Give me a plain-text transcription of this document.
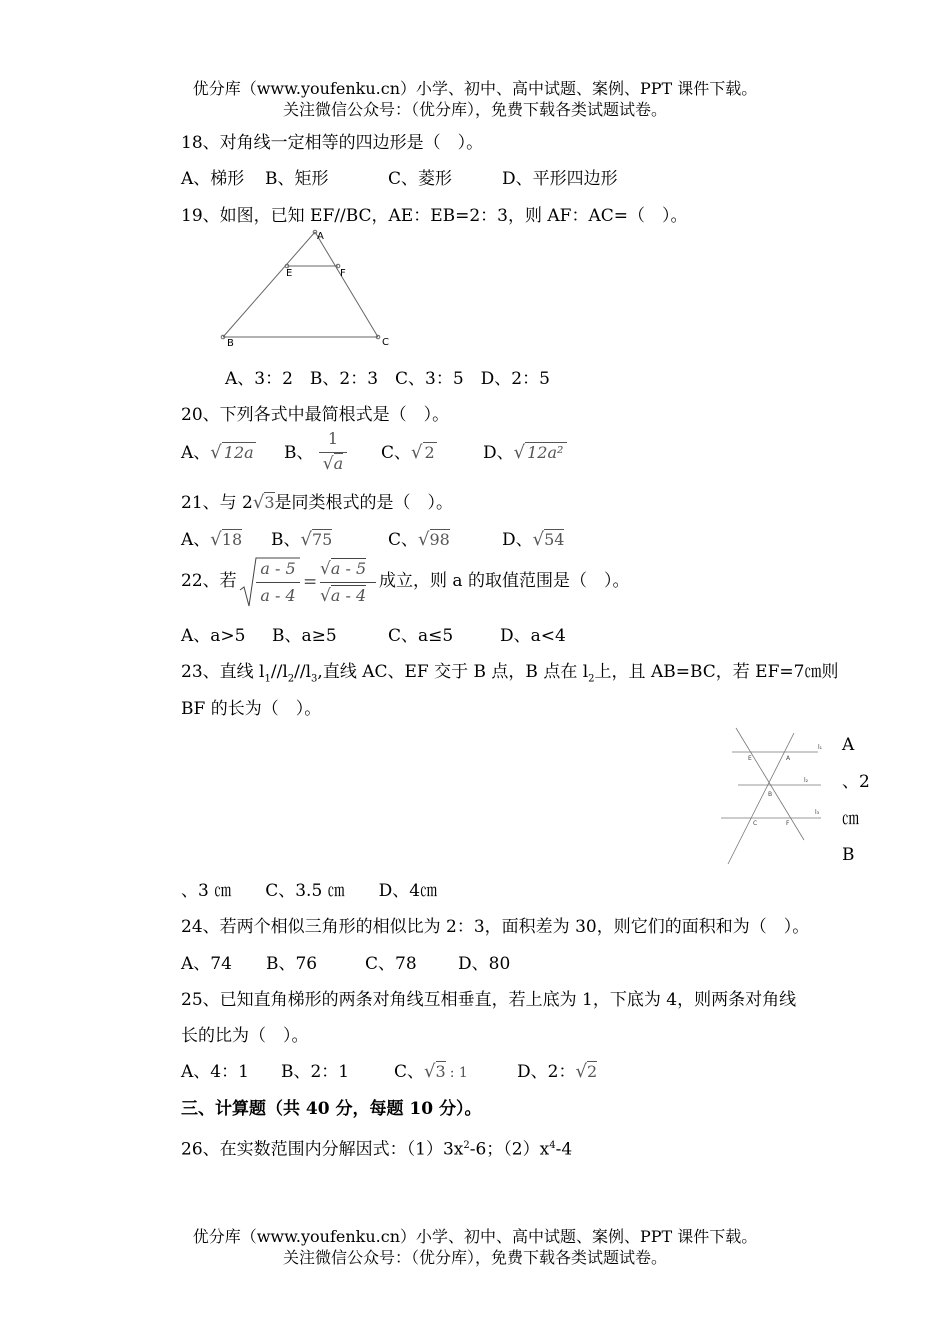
优分库（www.youfenku.cn）小学、初中、高中试题、案例、PPT 课件下载。
关注微信公众号：（优分库），免费下载各类试题试卷。
18、对角线一定相等的四边形是（　）。
A、梯形 B、矩形	C、菱形	D、平形四边形
19、如图，已知 EF//BC，AE：EB=2：3，则 AF：AC=（　）。
A
E	F
B	C
A、3：2　B、2：3　C、3：5　D、2：5
20、下列各式中最简根式是（　）。
A、√ 12a B、
1
√a
C、√ 2	D、√ 12a²
21、与 2√3是同类根式的是（　）。
A、√18 B、√75	C、√98	D、√54
22、若
a - 5
a - 4
=
√a - 5
√a - 4
成立，则 a 的取值范围是（　）。
A、a>5 B、a≥5	C、a≤5	D、a<4
23、直线 $l_1//l_2//l_3$,直线 AC、EF 交于 B 点，B 点在 $l_2$上，且 AB=BC，若 EF=7㎝则
BF 的长为（　）。
l₁
l₂
l₃
E	A
B
C	F
A
、2
㎝
B
、3 ㎝　　C、3.5 ㎝　　D、4㎝
24、若两个相似三角形的相似比为 2：3，面积差为 30，则它们的面积和为（　）。
A、74 B、76	C、78 D、80
25、已知直角梯形的两条对角线互相垂直，若上底为 1，下底为 4，则两条对角线
长的比为（　）。
A、4：1 B、2：1	C、√3 : 1	D、2：√2
三、计算题（共 40 分，每题 10 分）。
26、在实数范围内分解因式：$(1)3x^2-6$；$(2)x^4-4$
优分库（www.youfenku.cn）小学、初中、高中试题、案例、PPT 课件下载。
关注微信公众号：（优分库），免费下载各类试题试卷。
